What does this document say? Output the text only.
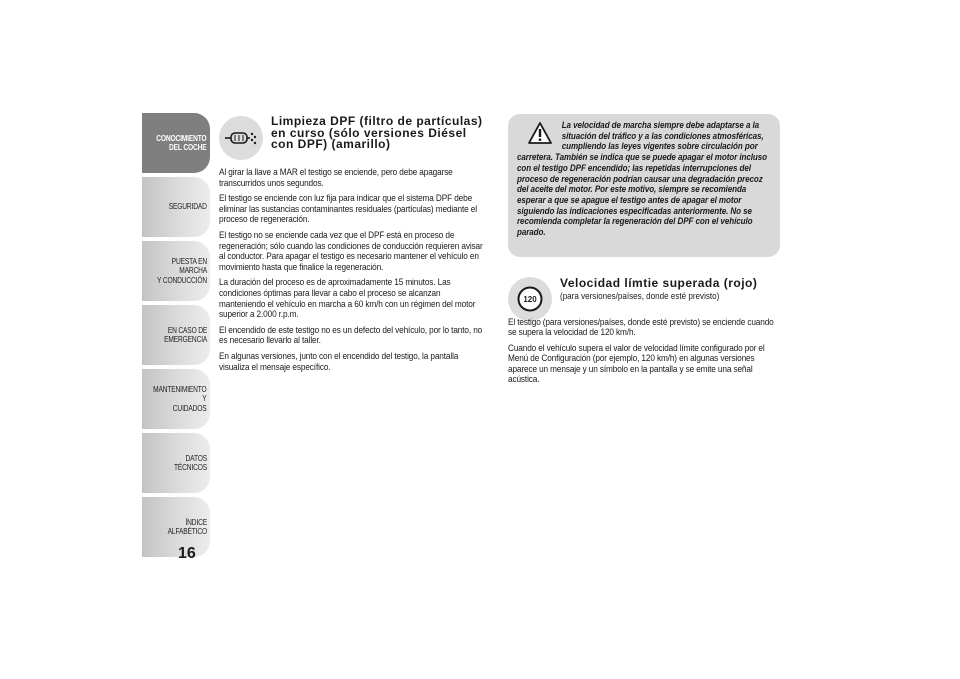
CONOCIMIENTO
DEL COCHE
SEGURIDAD
PUESTA EN MARCHA
Y CONDUCCIÓN
EN CASO DE
EMERGENCIA
MANTENIMIENTO Y
CUIDADOS
DATOS TÉCNICOS
ÍNDICE ALFABÉTICO
16
Limpieza DPF (filtro de partículas) en curso (sólo versiones Diésel con DPF) (amarillo)

Al girar la llave a MAR el testigo se enciende, pero debe apagarse transcurridos unos segundos.

El testigo se enciende con luz fija para indicar que el sistema DPF debe eliminar las sustancias contaminantes residuales (partículas) mediante el proceso de regeneración.

El testigo no se enciende cada vez que el DPF está en proceso de regeneración; sólo cuando las condiciones de conducción requieren avisar al conductor. Para apagar el testigo es necesario mantener el vehículo en movimiento hasta que finalice la regeneración.

La duración del proceso es de aproximadamente 15 minutos. Las condiciones óptimas para llevar a cabo el proceso se alcanzan manteniendo el vehículo en marcha a 60 km/h con un régimen del motor superior a 2.000 r.p.m.

El encendido de este testigo no es un defecto del vehículo, por lo tanto, no es necesario llevarlo al taller.

En algunas versiones, junto con el encendido del testigo, la pantalla visualiza el mensaje específico.

La velocidad de marcha siempre debe adaptarse a la situación del tráfico y a las condiciones atmosféricas, cumpliendo las leyes vigentes sobre circulación por
carretera. También se indica que se puede apagar el motor incluso con el testigo DPF encendido; las repetidas interrupciones del proceso de regeneración podrían causar una degradación precoz del aceite del motor. Por este motivo, siempre se recomienda esperar a que se apague el testigo antes de apagar el motor siguiendo las indicaciones especificadas anteriormente. No se recomienda completar la regeneración del DPF con el vehículo parado.

120
Velocidad límtie superada (rojo)
(para versiones/países, donde esté previsto)

El testigo (para versiones/países, donde esté previsto) se enciende cuando se supera la velocidad de 120 km/h.

Cuando el vehículo supera el valor de velocidad límite configurado por el Menú de Configuración (por ejemplo, 120 km/h) en algunas versiones aparece un mensaje y un símbolo en la pantalla y se emite una señal acústica.
